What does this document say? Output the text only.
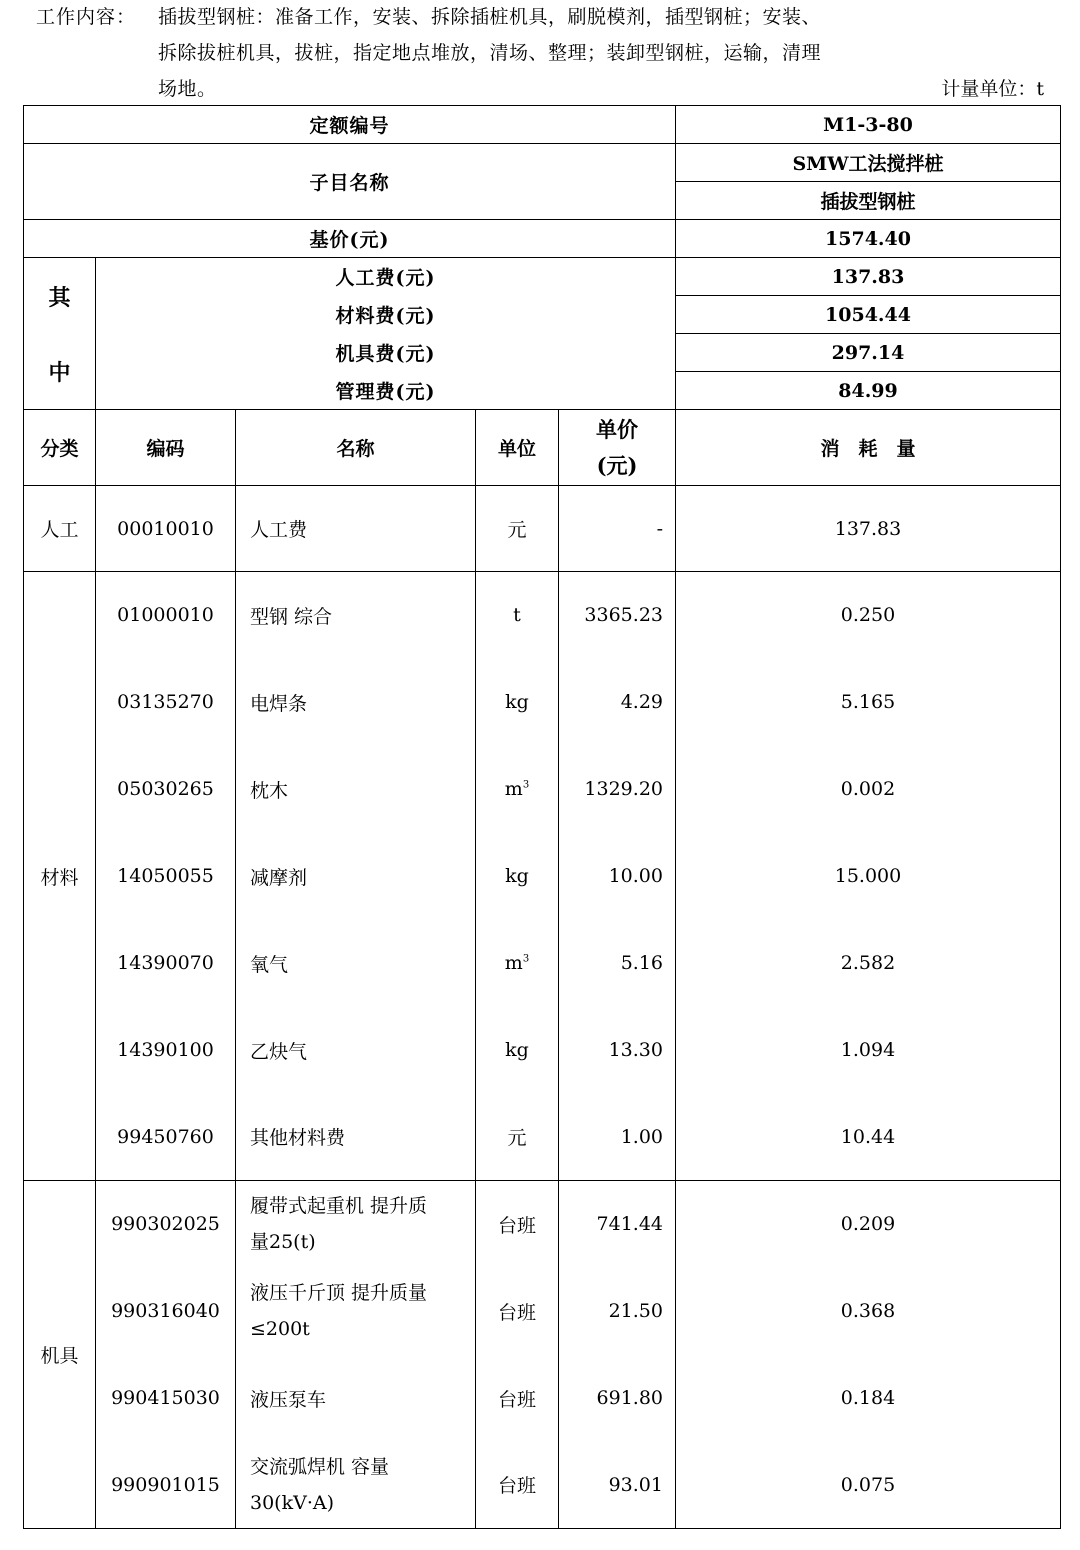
工作内容： 插拔型钢桩：准备工作，安装、拆除插桩机具，刷脱模剂，插型钢桩；安装、
拆除拔桩机具，拔桩，指定地点堆放，清场、整理；装卸型钢桩，运输，清理
场地。	计量单位：t
定额编号					M1-3-80
子目名称					SMW工法搅拌桩
					插拔型钢桩
基价(元)					1574.40

其
中	人工费(元)				137.83
	材料费(元)				1054.44
	机具费(元)				297.14
	管理费(元)				84.99
分类	编码	名称	单位	单价
(元)	消　耗　量
人工	00010010	人工费	元	-	137.83
材料	01000010	型钢 综合	t	3365.23	0.250
	03135270	电焊条	kg	4.29	5.165
	05030265	枕木	$m^3$	1329.20	0.002
	14050055	减摩剂	kg	10.00	15.000
	14390070	氧气	$m^3$	5.16	2.582
	14390100	乙炔气	kg	13.30	1.094
	99450760	其他材料费	元	1.00	10.44
机具	990302025	履带式起重机 提升质
量25(t)	台班	741.44	0.209
	990316040	液压千斤顶 提升质量
≤200t	台班	21.50	0.368
	990415030	液压泵车	台班	691.80	0.184
	990901015	交流弧焊机 容量
30(kV·A)	台班	93.01	0.075
